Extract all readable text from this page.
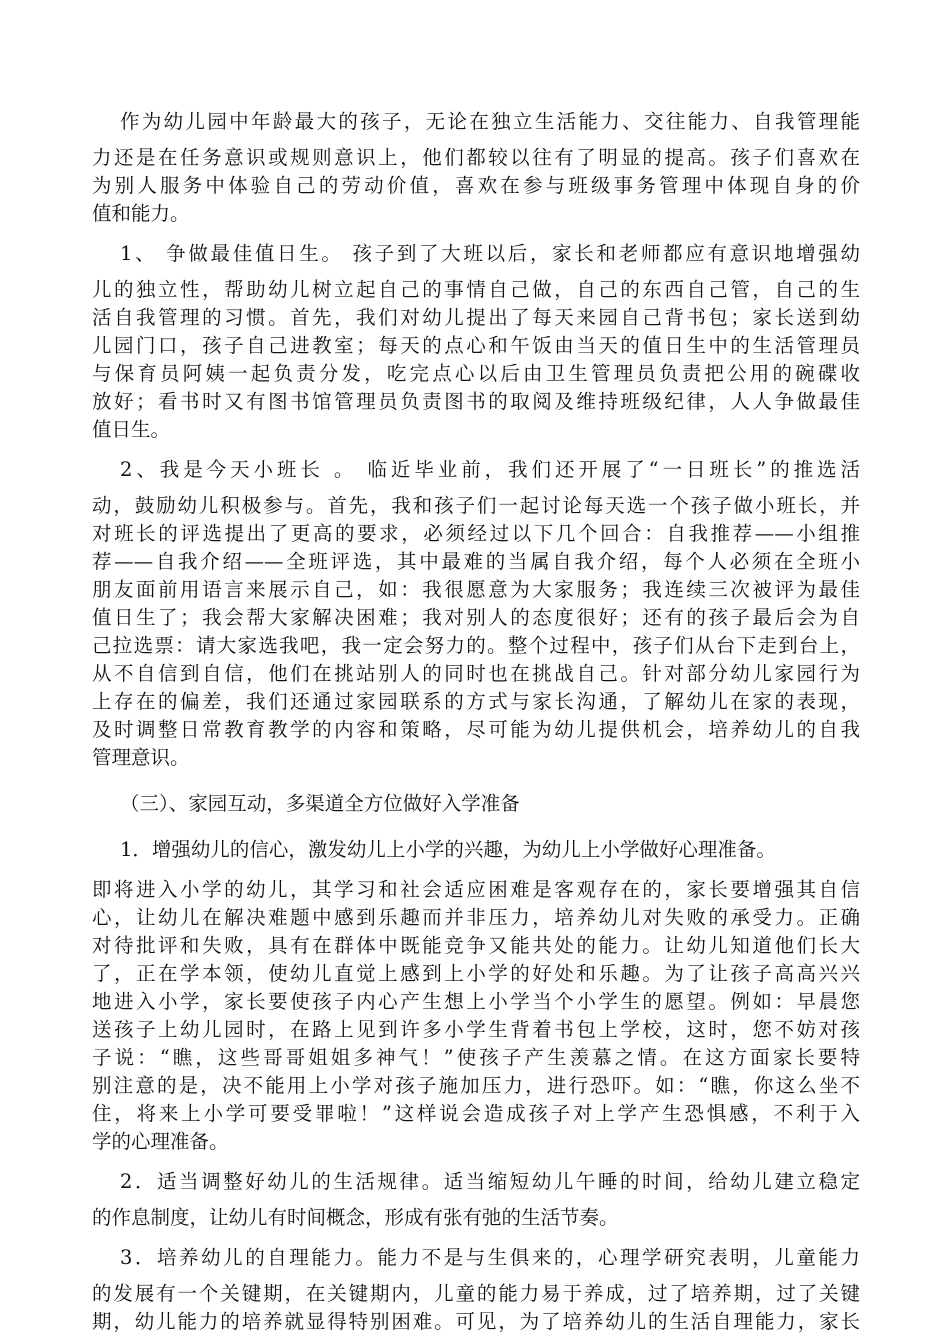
作为幼儿园中年龄最大的孩子，无论在独立生活能力、交往能力、自我管理能
力还是在任务意识或规则意识上，他们都较以往有了明显的提高。孩子们喜欢在
为别人服务中体验自己的劳动价值，喜欢在参与班级事务管理中体现自身的价
值和能力。
1、 争做最佳值日生。 孩子到了大班以后，家长和老师都应有意识地增强幼
儿的独立性，帮助幼儿树立起自己的事情自己做，自己的东西自己管，自己的生
活自我管理的习惯。首先，我们对幼儿提出了每天来园自己背书包；家长送到幼
儿园门口，孩子自己进教室；每天的点心和午饭由当天的值日生中的生活管理员
与保育员阿姨一起负责分发，吃完点心以后由卫生管理员负责把公用的碗碟收
放好；看书时又有图书馆管理员负责图书的取阅及维持班级纪律，人人争做最佳
值日生。
2、我是今天小班长 。 临近毕业前，我们还开展了“一日班长”的推选活
动，鼓励幼儿积极参与。首先，我和孩子们一起讨论每天选一个孩子做小班长，并
对班长的评选提出了更高的要求，必须经过以下几个回合：自我推荐——小组推
荐——自我介绍——全班评选，其中最难的当属自我介绍，每个人必须在全班小
朋友面前用语言来展示自己，如：我很愿意为大家服务；我连续三次被评为最佳
值日生了；我会帮大家解决困难；我对别人的态度很好；还有的孩子最后会为自
己拉选票：请大家选我吧，我一定会努力的。整个过程中，孩子们从台下走到台上，
从不自信到自信，他们在挑站别人的同时也在挑战自己。针对部分幼儿家园行为
上存在的偏差，我们还通过家园联系的方式与家长沟通，了解幼儿在家的表现，
及时调整日常教育教学的内容和策略，尽可能为幼儿提供机会，培养幼儿的自我
管理意识。
（三）、家园互动，多渠道全方位做好入学准备
1．增强幼儿的信心，激发幼儿上小学的兴趣，为幼儿上小学做好心理准备。
即将进入小学的幼儿，其学习和社会适应困难是客观存在的，家长要增强其自信
心，让幼儿在解决难题中感到乐趣而并非压力，培养幼儿对失败的承受力。正确
对待批评和失败，具有在群体中既能竞争又能共处的能力。让幼儿知道他们长大
了，正在学本领，使幼儿直觉上感到上小学的好处和乐趣。为了让孩子高高兴兴
地进入小学，家长要使孩子内心产生想上小学当个小学生的愿望。例如：早晨您
送孩子上幼儿园时，在路上见到许多小学生背着书包上学校，这时，您不妨对孩
子说：“瞧，这些哥哥姐姐多神气！”使孩子产生羡慕之情。在这方面家长要特
别注意的是，决不能用上小学对孩子施加压力，进行恐吓。如：“瞧，你这么坐不
住，将来上小学可要受罪啦！”这样说会造成孩子对上学产生恐惧感，不利于入
学的心理准备。
2．适当调整好幼儿的生活规律。适当缩短幼儿午睡的时间，给幼儿建立稳定
的作息制度，让幼儿有时间概念，形成有张有弛的生活节奏。
3．培养幼儿的自理能力。能力不是与生俱来的，心理学研究表明，儿童能力
的发展有一个关键期，在关键期内，儿童的能力易于养成，过了培养期，过了关键
期，幼儿能力的培养就显得特别困难。可见，为了培养幼儿的生活自理能力，家长
